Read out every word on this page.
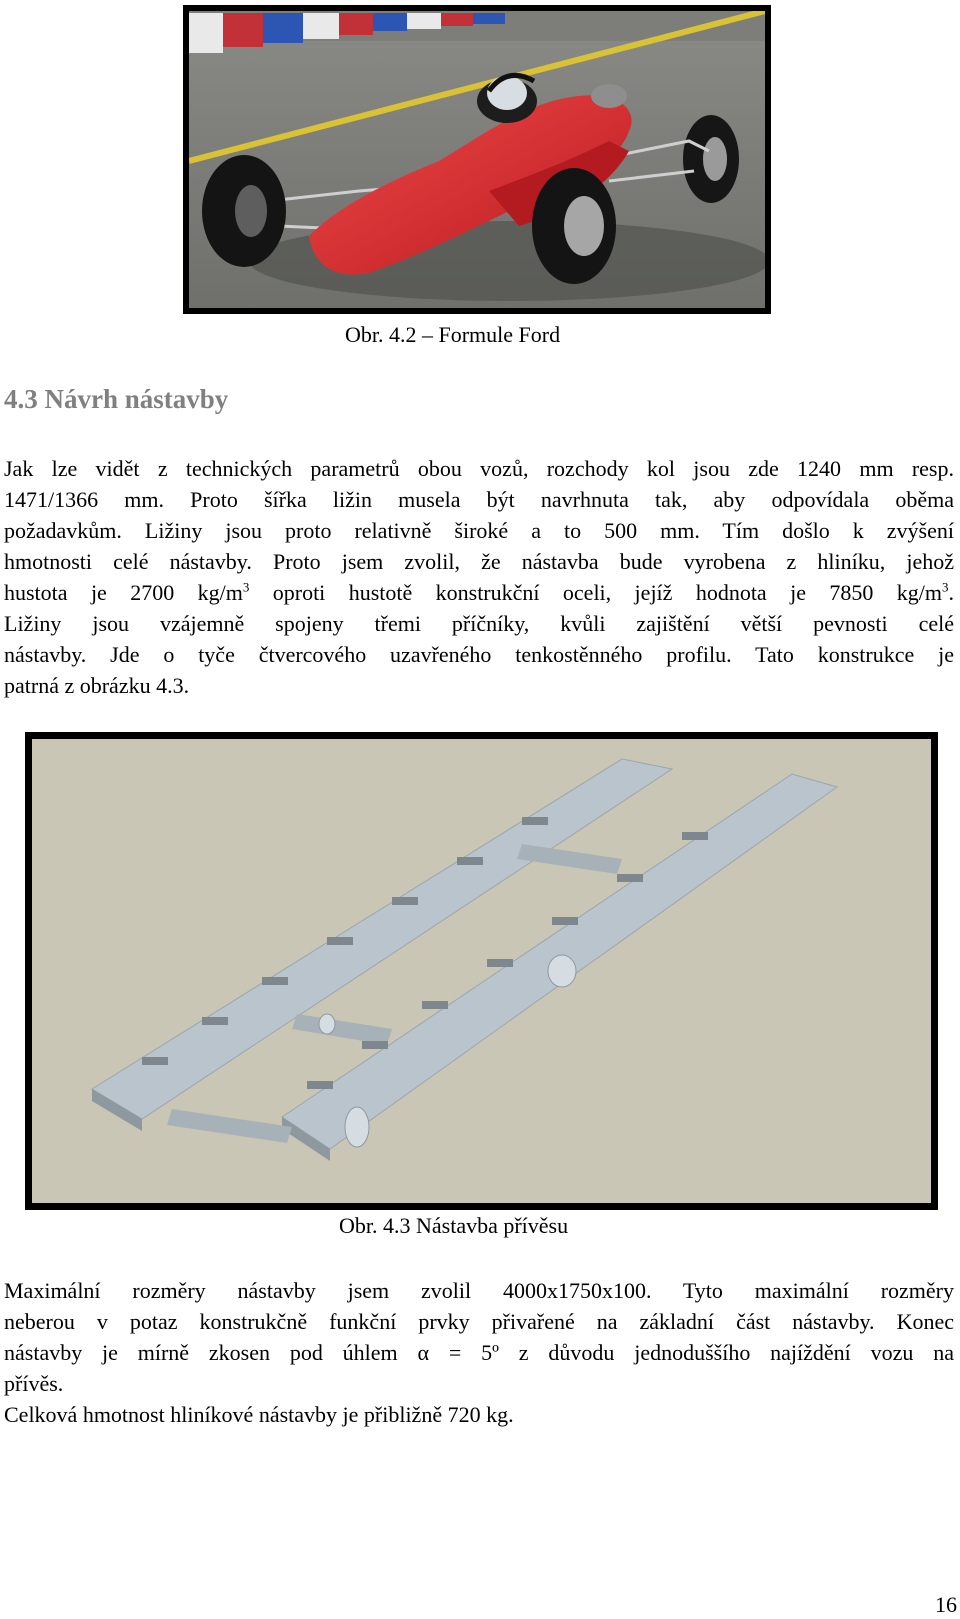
Obr. 4.2 – Formule Ford
4.3 Návrh nástavby
Jak lze vidět z technických parametrů obou vozů, rozchody kol jsou zde 1240 mm resp.
1471/1366 mm. Proto šířka ližin musela být navrhnuta tak, aby odpovídala oběma
požadavkům. Ližiny jsou proto relativně široké a to 500 mm. Tím došlo k zvýšení
hmotnosti celé nástavby. Proto jsem zvolil, že nástavba bude vyrobena z hliníku, jehož
hustota je 2700 $kg/m^3$ oproti hustotě konstrukční oceli, jejíž hodnota je 7850 $kg/m^3$.
Ližiny jsou vzájemně spojeny třemi příčníky, kvůli zajištění větší pevnosti celé
nástavby. Jde o tyče čtvercového uzavřeného tenkostěnného profilu. Tato konstrukce je
patrná z obrázku 4.3.
Obr. 4.3 Nástavba přívěsu
Maximální rozměry nástavby jsem zvolil 4000x1750x100. Tyto maximální rozměry
neberou v potaz konstrukčně funkční prvky přivařené na základní část nástavby. Konec
nástavby je mírně zkosen pod úhlem α = 5º z důvodu jednoduššího najíždění vozu na
přívěs.
Celková hmotnost hliníkové nástavby je přibližně 720 kg.
16
